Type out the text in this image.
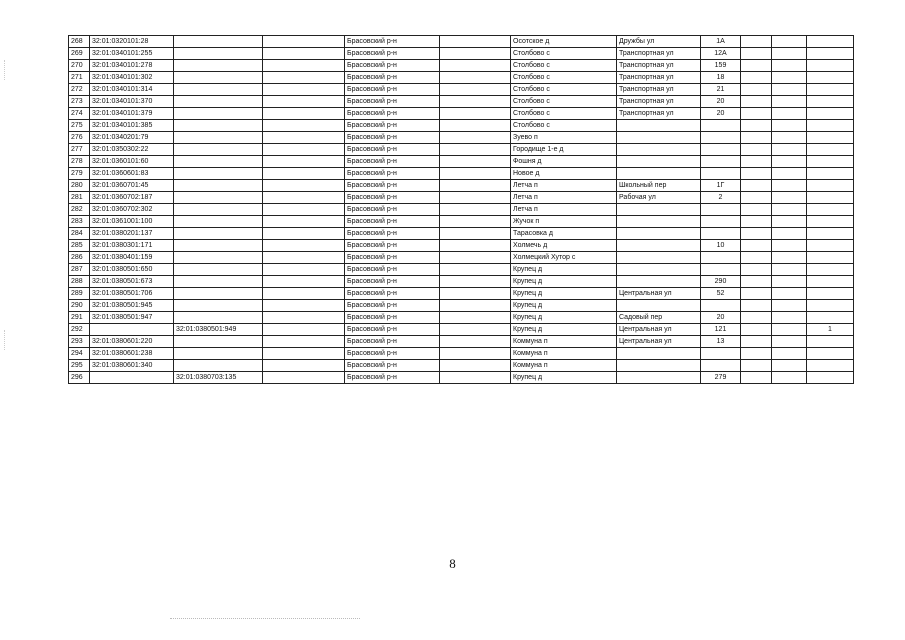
268	32:01:0320101:28			Брасовский р-н		Осотское д	Дружбы ул	1А			
269	32:01:0340101:255			Брасовский р-н		Столбово с	Транспортная ул	12А			
270	32:01:0340101:278			Брасовский р-н		Столбово с	Транспортная ул	159			
271	32:01:0340101:302			Брасовский р-н		Столбово с	Транспортная ул	18			
272	32:01:0340101:314			Брасовский р-н		Столбово с	Транспортная ул	21			
273	32:01:0340101:370			Брасовский р-н		Столбово с	Транспортная ул	20			
274	32:01:0340101:379			Брасовский р-н		Столбово с	Транспортная ул	20			
275	32:01:0340101:385			Брасовский р-н		Столбово с					
276	32:01:0340201:79			Брасовский р-н		Зуево п					
277	32:01:0350302:22			Брасовский р-н		Городище 1-е д					
278	32:01:0360101:60			Брасовский р-н		Фошня д					
279	32:01:0360601:83			Брасовский р-н		Новое д					
280	32:01:0360701:45			Брасовский р-н		Летча п	Школьный пер	1Г			
281	32:01:0360702:187			Брасовский р-н		Летча п	Рабочая ул	2			
282	32:01:0360702:302			Брасовский р-н		Летча п					
283	32:01:0361001:100			Брасовский р-н		Жучок п					
284	32:01:0380201:137			Брасовский р-н		Тарасовка д					
285	32:01:0380301:171			Брасовский р-н		Холмечь д		10			
286	32:01:0380401:159			Брасовский р-н		Холмецкий Хутор с					
287	32:01:0380501:650			Брасовский р-н		Крупец д					
288	32:01:0380501:673			Брасовский р-н		Крупец д		290			
289	32:01:0380501:706			Брасовский р-н		Крупец д	Центральная ул	52			
290	32:01:0380501:945			Брасовский р-н		Крупец д					
291	32:01:0380501:947			Брасовский р-н		Крупец д	Садовый пер	20			
292		32:01:0380501:949		Брасовский р-н		Крупец д	Центральная ул	121			1
293	32:01:0380601:220			Брасовский р-н		Коммуна п	Центральная ул	13			
294	32:01:0380601:238			Брасовский р-н		Коммуна п					
295	32:01:0380601:340			Брасовский р-н		Коммуна п					
296		32:01:0380703:135		Брасовский р-н		Крупец д		279			
8
